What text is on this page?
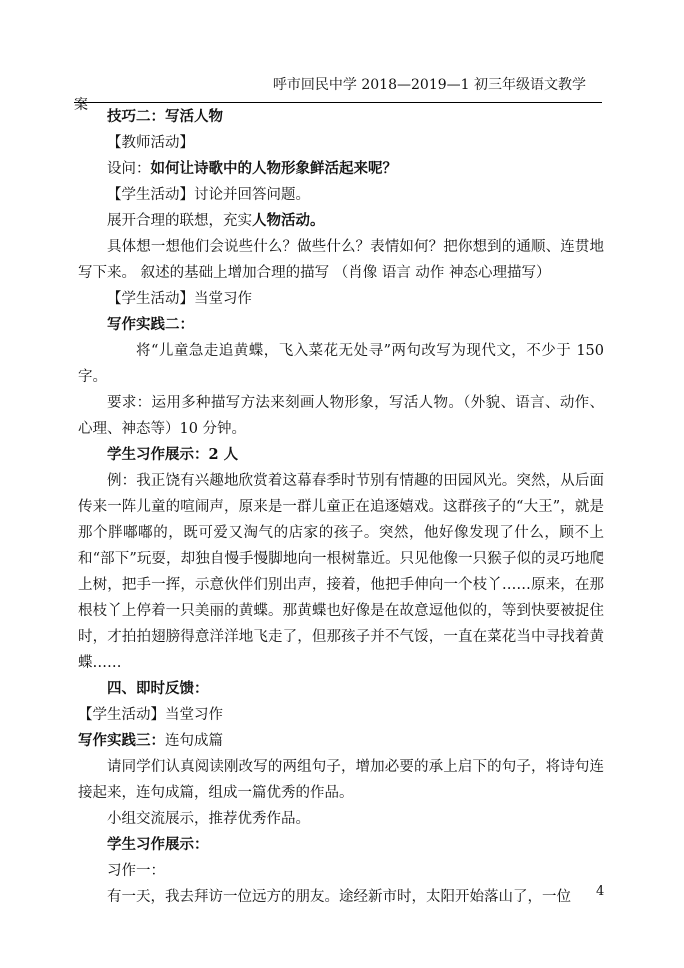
呼市回民中学 2018—2019—1 初三年级语文教学
案

技巧二：写活人物

【教师活动】

设问：如何让诗歌中的人物形象鲜活起来呢？

【学生活动】讨论并回答问题。

展开合理的联想，充实人物活动。

具体想一想他们会说些什么？做些什么？表情如何？把你想到的通顺、连贯地写下来。 叙述的基础上增加合理的描写 （肖像 语言 动作 神态心理描写）

【学生活动】当堂习作

写作实践二：

将“儿童急走追黄蝶，飞入菜花无处寻”两句改写为现代文，不少于 150 字。

要求：运用多种描写方法来刻画人物形象，写活人物。（外貌、语言、动作、心理、神态等）10 分钟。

学生习作展示：2 人

例：我正饶有兴趣地欣赏着这幕春季时节别有情趣的田园风光。突然，从后面传来一阵儿童的喧闹声，原来是一群儿童正在追逐嬉戏。这群孩子的“大王”，就是那个胖嘟嘟的，既可爱又淘气的店家的孩子。突然，他好像发现了什么，顾不上和“部下”玩耍，却独自慢手慢脚地向一根树靠近。只见他像一只猴子似的灵巧地爬上树，把手一挥，示意伙伴们别出声，接着，他把手伸向一个枝丫……原来，在那根枝丫上停着一只美丽的黄蝶。那黄蝶也好像是在故意逗他似的，等到快要被捉住时，才拍拍翅膀得意洋洋地飞走了，但那孩子并不气馁，一直在菜花当中寻找着黄蝶……

四、即时反馈：

【学生活动】当堂习作

写作实践三：连句成篇

请同学们认真阅读刚改写的两组句子，增加必要的承上启下的句子，将诗句连接起来，连句成篇，组成一篇优秀的作品。

小组交流展示，推荐优秀作品。

学生习作展示：

习作一：

有一天，我去拜访一位远方的朋友。途经新市时，太阳开始落山了，一位	4
